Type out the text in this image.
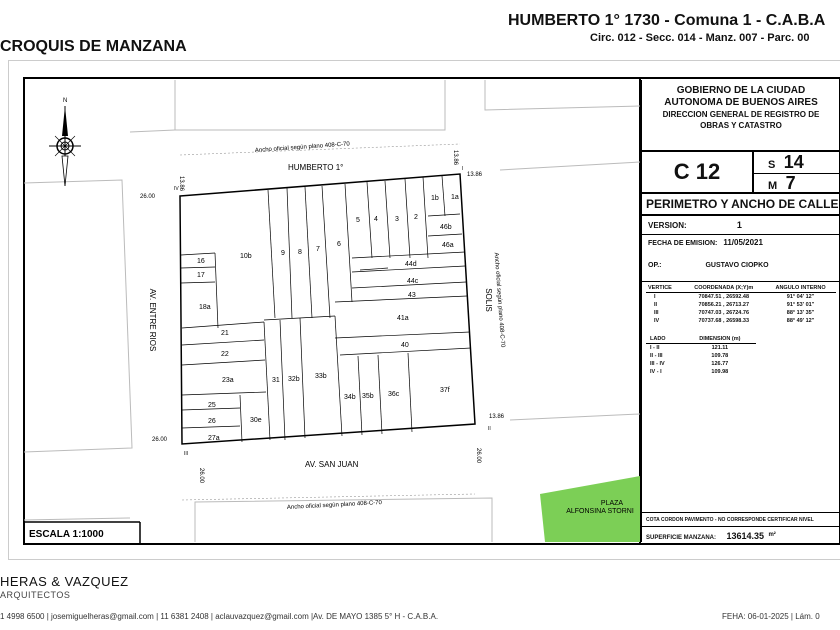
HUMBERTO 1° 1730 - Comuna 1 - C.A.B.A
Circ. 012 - Secc. 014 - Manz. 007 - Parc. 00
CROQUIS DE MANZANA
PLAZA
ALFONSINA STORNI
1a
1b
2
3
4
5
6
7
8
9
10b
16
17
18a
21
22
23a
25
26
27a
30e
31 32b 33b
34b 35b 36c
37f
40
41a
43
44c
44d
46a
46b
HUMBERTO 1°
AV. SAN JUAN
AV. ENTRE RIOS	SOLIS
Ancho oficial según plano 408-C-70
Ancho oficial según plano 408-C-70
Ancho oficial según plano 408-C-70
13.86
13.86
13.86
26.00
26.00
13.86
26.00
26.00
I
II
III
IV
N
ESCALA 1:1000
GOBIERNO DE LA CIUDAD
AUTONOMA DE BUENOS AIRES
DIRECCION GENERAL DE REGISTRO DE
OBRAS Y CATASTRO
C 12	S 14
M 7
PERIMETRO Y ANCHO DE CALLE
VERSION:	1
FECHA DE EMISION: 11/05/2021
OP.:	GUSTAVO CIOPKO
VERTICE	COORDENADA (X;Y)m	ANGULO INTERNO
I	70847.51 , 26592.48	91° 04' 12"
II	70856.21 , 26713.27	91° 53' 01"
III	70747.03 , 26724.76	88° 13' 35"
IV	70737.68 , 26598.33	88° 49' 12"
LADO	DIMENSION (m)
I - II	121.11
II - III	109.78
III - IV	126.77
IV - I	109.98
COTA CORDON PAVIMENTO - NO CORRESPONDE CERTIFICAR NIVEL
SUPERFICIE MANZANA: 13614.35 $^{m^2}$
HERAS & VAZQUEZ
ARQUITECTOS
1 4998 6500 | josemiguelheras@gmail.com | 11 6381 2408 | aclauvazquez@gmail.com |Av. DE MAYO 1385 5° H - C.A.B.A.	FEHA: 06-01-2025 | Lám. 0
